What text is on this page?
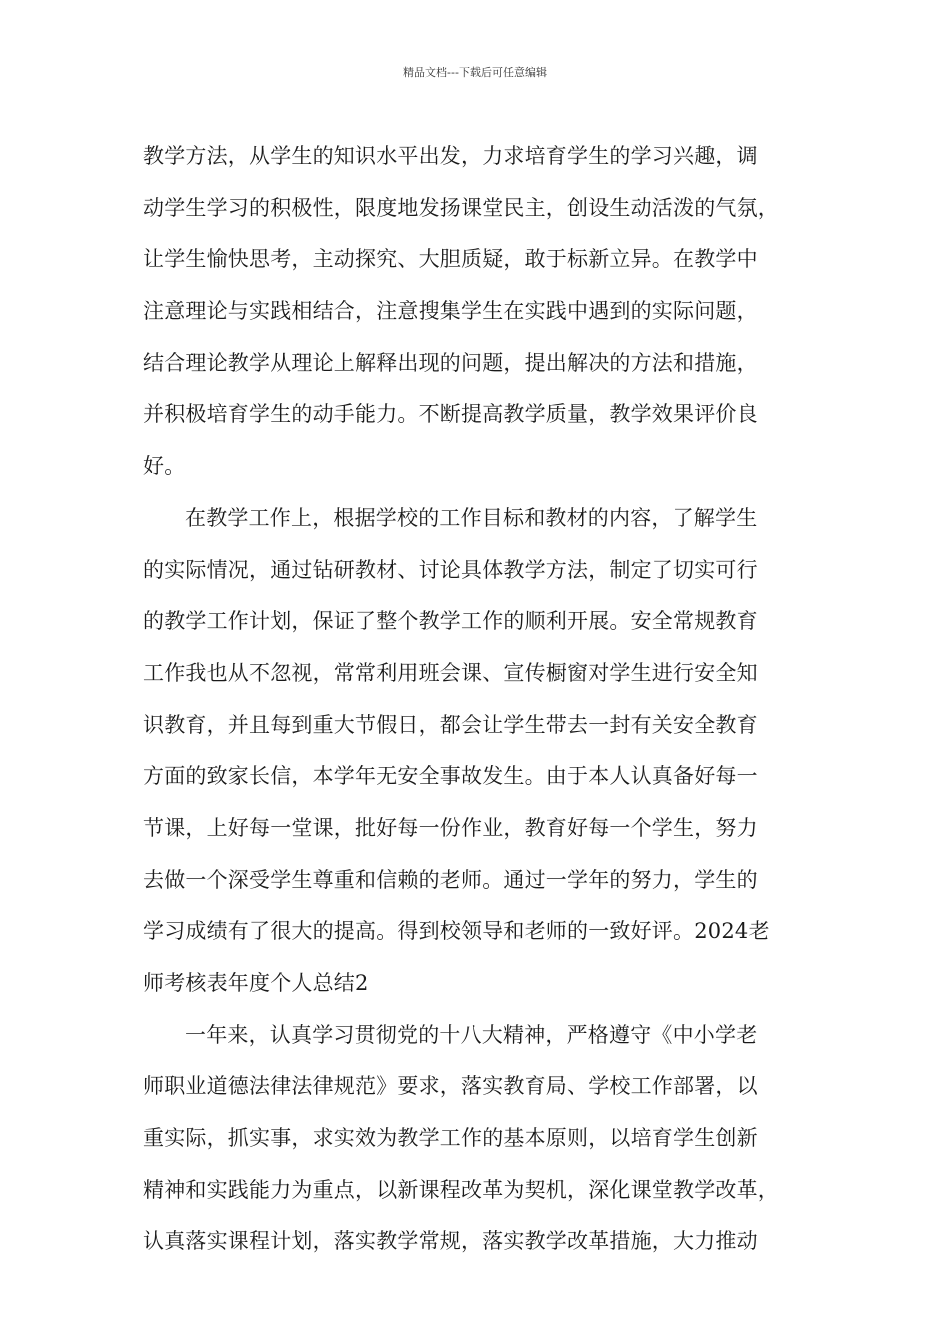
精品文档---下载后可任意编辑
教学方法，从学生的知识水平出发，力求培育学生的学习兴趣，调
动学生学习的积极性，限度地发扬课堂民主，创设生动活泼的气氛，
让学生愉快思考，主动探究、大胆质疑，敢于标新立异。在教学中
注意理论与实践相结合，注意搜集学生在实践中遇到的实际问题，
结合理论教学从理论上解释出现的问题，提出解决的方法和措施，
并积极培育学生的动手能力。不断提高教学质量，教学效果评价良
好。
在教学工作上，根据学校的工作目标和教材的内容，了解学生
的实际情况，通过钻研教材、讨论具体教学方法，制定了切实可行
的教学工作计划，保证了整个教学工作的顺利开展。安全常规教育
工作我也从不忽视，常常利用班会课、宣传橱窗对学生进行安全知
识教育，并且每到重大节假日，都会让学生带去一封有关安全教育
方面的致家长信，本学年无安全事故发生。由于本人认真备好每一
节课，上好每一堂课，批好每一份作业，教育好每一个学生，努力
去做一个深受学生尊重和信赖的老师。通过一学年的努力，学生的
学习成绩有了很大的提高。得到校领导和老师的一致好评。2024老
师考核表年度个人总结2
一年来，认真学习贯彻党的十八大精神，严格遵守《中小学老
师职业道德法律法律规范》要求，落实教育局、学校工作部署，以
重实际，抓实事，求实效为教学工作的基本原则，以培育学生创新
精神和实践能力为重点，以新课程改革为契机，深化课堂教学改革，
认真落实课程计划，落实教学常规，落实教学改革措施，大力推动
